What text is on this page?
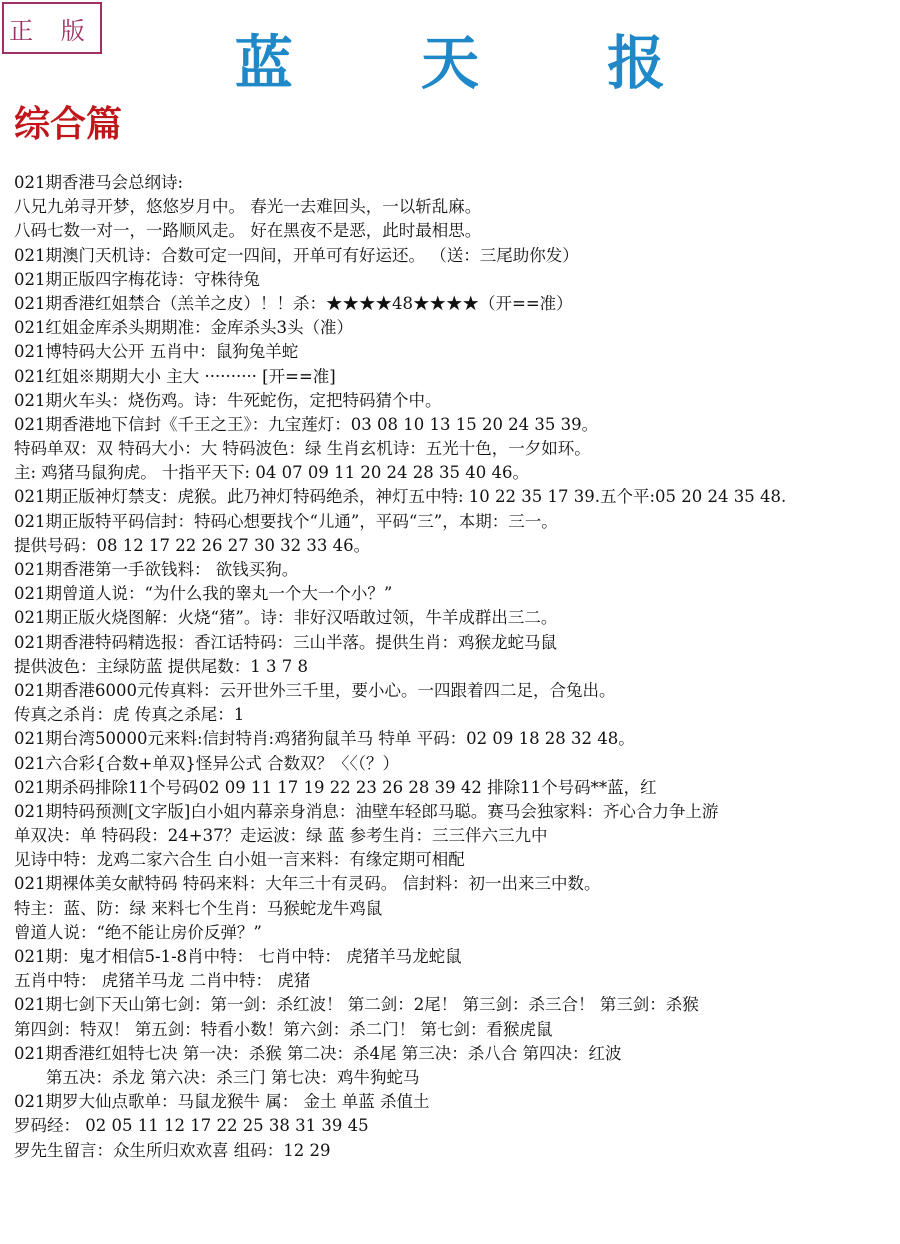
正 版	蓝 天 报
综合篇
021期香港马会总纲诗:
八兄九弟寻开梦，悠悠岁月中。 春光一去难回头，一以斩乱麻。
八码七数一对一，一路顺风走。 好在黑夜不是恶，此时最相思。
021期澳门天机诗：合数可定一四间，开单可有好运还。 （送：三尾助你发）
021期正版四字梅花诗：守株待兔
021期香港红姐禁合（羔羊之皮）！！杀：★★★★48★★★★（开==准）
021红姐金库杀头期期准：金库杀头3头（准）
021博特码大公开 五肖中：鼠狗兔羊蛇
021红姐※期期大小 主大 ·········· [开==准]
021期火车头：烧伤鸡。诗：牛死蛇伤，定把特码猜个中。
021期香港地下信封《千王之王》：九宝莲灯：03 08 10 13 15 20 24 35 39。
特码单双：双 特码大小：大 特码波色：绿 生肖玄机诗：五光十色，一夕如环。
主: 鸡猪马鼠狗虎。 十指平天下: 04 07 09 11 20 24 28 35 40 46。
021期正版神灯禁支：虎猴。此乃神灯特码绝杀，神灯五中特: 10 22 35 17 39.五个平:05 20 24 35 48.
021期正版特平码信封：特码心想要找个“儿通”，平码“三”，本期：三一。
提供号码：08 12 17 22 26 27 30 32 33 46。
021期香港第一手欲钱料： 欲钱买狗。
021期曾道人说：“为什么我的睾丸一个大一个小？”
021期正版火烧图解：火烧“猪”。诗：非好汉唔敢过领，牛羊成群出三二。
021期香港特码精选报：香江话特码：三山半落。提供生肖：鸡猴龙蛇马鼠
提供波色：主绿防蓝 提供尾数：1 3 7 8
021期香港6000元传真料：云开世外三千里，要小心。一四跟着四二足，合兔出。
传真之杀肖：虎 传真之杀尾：1
021期台湾50000元来料:信封特肖:鸡猪狗鼠羊马 特单 平码：02 09 18 28 32 48。
021六合彩{合数+单双}怪异公式 合数双？〈〈（？）
021期杀码排除11个号码02 09 11 17 19 22 23 26 28 39 42 排除11个号码**蓝，红
021期特码预测[文字版]白小姐内幕亲身消息：油壁车轻郎马聪。赛马会独家料：齐心合力争上游
单双决：单 特码段：24+37？走运波：绿 蓝 参考生肖：三三伴六三九中
见诗中特：龙鸡二家六合生 白小姐一言来料：有缘定期可相配
021期裸体美女献特码 特码来料：大年三十有灵码。 信封料：初一出来三中数。
特主：蓝、防：绿 来料七个生肖：马猴蛇龙牛鸡鼠
曾道人说：“绝不能让房价反弹？”
021期：鬼才相信5-1-8肖中特： 七肖中特： 虎猪羊马龙蛇鼠
五肖中特： 虎猪羊马龙 二肖中特： 虎猪
021期七剑下天山第七剑：第一剑：杀红波！ 第二剑：2尾！ 第三剑：杀三合！ 第三剑：杀猴
第四剑：特双！ 第五剑：特看小数！第六剑：杀二门！ 第七剑：看猴虎鼠
021期香港红姐特七决 第一决：杀猴 第二决：杀4尾 第三决：杀八合 第四决：红波
第五决：杀龙 第六决：杀三门 第七决：鸡牛狗蛇马
021期罗大仙点歌单：马鼠龙猴牛 属： 金土 单蓝 杀值土
罗码经： 02 05 11 12 17 22 25 38 31 39 45
罗先生留言：众生所归欢欢喜 组码：12 29
